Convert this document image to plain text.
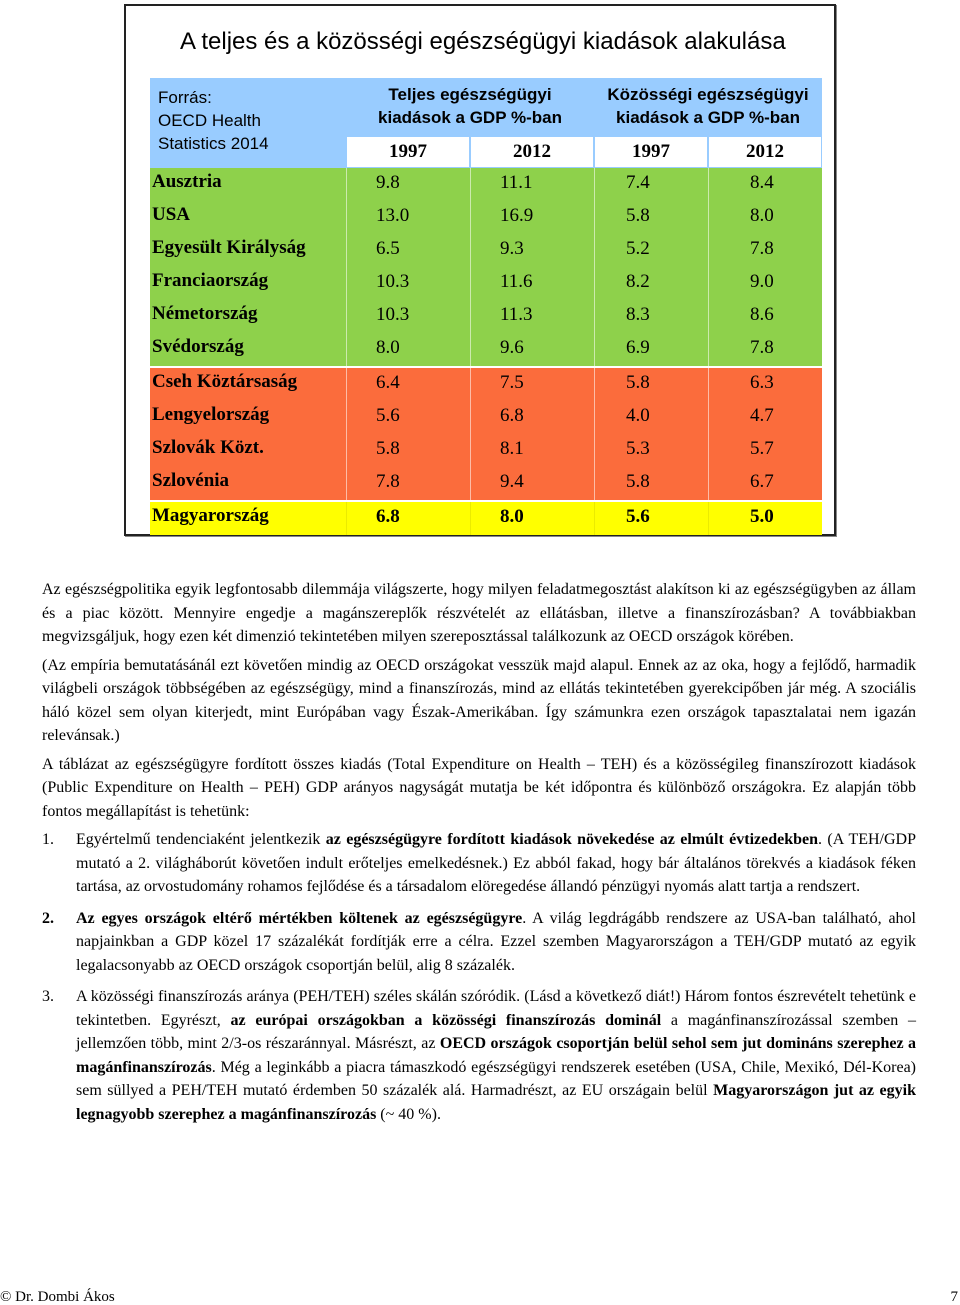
A teljes és a közösségi egészségügyi kiadások alakulása
Forrás:
OECD Health
Statistics 2014
Teljes egészségügyi
kiadások a GDP %-ban
Közösségi egészségügyi
kiadások a GDP %-ban
1997	2012	1997	2012
Ausztria	9.8	11.1	7.4	8.4
USA	13.0	16.9	5.8	8.0
Egyesült Királyság	6.5	9.3	5.2	7.8
Franciaország	10.3	11.6	8.2	9.0
Németország	10.3	11.3	8.3	8.6
Svédország	8.0	9.6	6.9	7.8
Cseh Köztársaság	6.4	7.5	5.8	6.3
Lengyelország	5.6	6.8	4.0	4.7
Szlovák Közt.	5.8	8.1	5.3	5.7
Szlovénia	7.8	9.4	5.8	6.7
Magyarország	6.8	8.0	5.6	5.0

Az egészségpolitika egyik legfontosabb dilemmája világszerte, hogy milyen feladatmegosztást alakítson ki az egészségügyben az állam és a piac között. Mennyire engedje a magánszereplők részvételét az ellátásban, illetve a finanszírozásban? A továbbiakban megvizsgáljuk, hogy ezen két dimenzió tekintetében milyen szereposztással találkozunk az OECD országok körében.

(Az empíria bemutatásánál ezt követően mindig az OECD országokat vesszük majd alapul. Ennek az az oka, hogy a fejlődő, harmadik világbeli országok többségében az egészségügy, mind a finanszírozás, mind az ellátás tekintetében gyerekcipőben jár még. A szociális háló közel sem olyan kiterjedt, mint Európában vagy Észak-Amerikában. Így számunkra ezen országok tapasztalatai nem igazán relevánsak.)

A táblázat az egészségügyre fordított összes kiadás (Total Expenditure on Health – TEH) és a közösségileg finanszírozott kiadások (Public Expenditure on Health – PEH) GDP arányos nagyságát mutatja be két időpontra és különböző országokra. Ez alapján több fontos megállapítást is tehetünk:

1. Egyértelmű tendenciaként jelentkezik az egészségügyre fordított kiadások növekedése az elmúlt évtizedekben. (A TEH/GDP mutató a 2. világháborút követően indult erőteljes emelkedésnek.) Ez abból fakad, hogy bár általános törekvés a kiadások féken tartása, az orvostudomány rohamos fejlődése és a társadalom elöregedése állandó pénzügyi nyomás alatt tartja a rendszert.
2. Az egyes országok eltérő mértékben költenek az egészségügyre. A világ legdrágább rendszere az USA-ban található, ahol napjainkban a GDP közel 17 százalékát fordítják erre a célra. Ezzel szemben Magyarországon a TEH/GDP mutató az egyik legalacsonyabb az OECD országok csoportján belül, alig 8 százalék.
3. A közösségi finanszírozás aránya (PEH/TEH) széles skálán szóródik. (Lásd a következő diát!) Három fontos észrevételt tehetünk e tekintetben. Egyrészt, az európai országokban a közösségi finanszírozás dominál a magánfinanszírozással szemben – jellemzően több, mint 2/3-os részaránnyal. Másrészt, az OECD országok csoportján belül sehol sem jut domináns szerephez a magánfinanszírozás. Még a leginkább a piacra támaszkodó egészségügyi rendszerek esetében (USA, Chile, Mexikó, Dél-Korea) sem süllyed a PEH/TEH mutató érdemben 50 százalék alá. Harmadrészt, az EU országain belül Magyarországon jut az egyik legnagyobb szerephez a magánfinanszírozás (~ 40 %).
© Dr. Dombi Ákos	7
